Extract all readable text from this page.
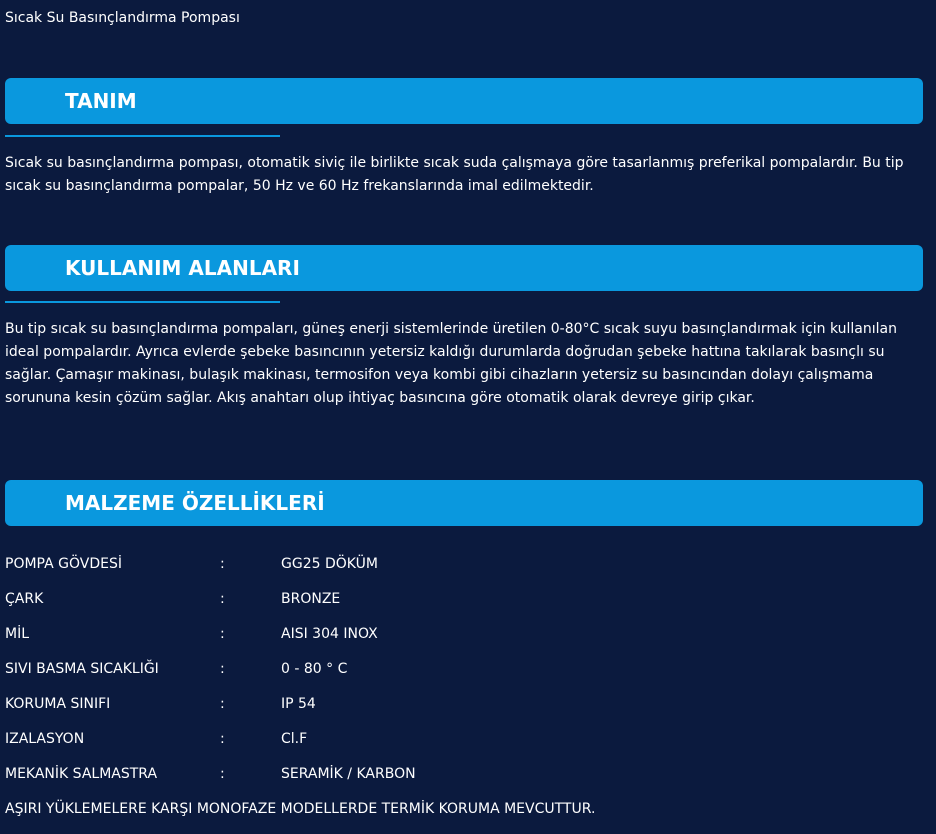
Sıcak Su Basınçlandırma Pompası
TANIM
Sıcak su basınçlandırma pompası, otomatik siviç ile birlikte sıcak suda çalışmaya göre tasarlanmış preferikal pompalardır. Bu tip sıcak su basınçlandırma pompalar, 50 Hz ve 60 Hz frekanslarında imal edilmektedir.
KULLANIM ALANLARI
Bu tip sıcak su basınçlandırma pompaları, güneş enerji sistemlerinde üretilen 0-80°C sıcak suyu basınçlandırmak için kullanılan ideal pompalardır. Ayrıca evlerde şebeke basıncının yetersiz kaldığı durumlarda doğrudan şebeke hattına takılarak basınçlı su sağlar. Çamaşır makinası, bulaşık makinası, termosifon veya kombi gibi cihazların yetersiz su basıncından dolayı çalışmama sorununa kesin çözüm sağlar. Akış anahtarı olup ihtiyaç basıncına göre otomatik olarak devreye girip çıkar.
MALZEME ÖZELLİKLERİ
POMPA GÖVDESİ	:	GG25 DÖKÜM
ÇARK	:	BRONZE
MİL	:	AISI 304 INOX
SIVI BASMA SICAKLIĞI	:	0 - 80 ° C
KORUMA SINIFI	:	IP 54
IZALASYON	:	Cl.F
MEKANİK SALMASTRA	:	SERAMİK / KARBON
AŞIRI YÜKLEMELERE KARŞI MONOFAZE MODELLERDE TERMİK KORUMA MEVCUTTUR.
